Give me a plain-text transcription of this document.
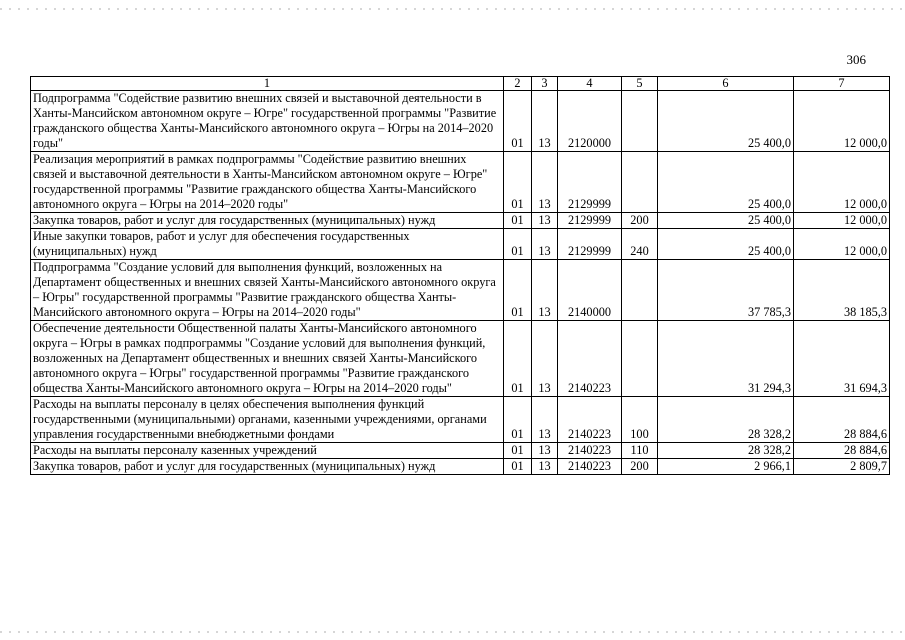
306
1	2	3	4	5	6	7
Подпрограмма "Содействие развитию внешних связей и выставочной деятельности в Ханты-Мансийском автономном округе – Югре" государственной программы "Развитие гражданского общества Ханты-Мансийского автономного округа – Югры на 2014–2020 годы"	01	13	2120000		25 400,0	12 000,0
Реализация мероприятий в рамках подпрограммы "Содействие развитию внешних связей и выставочной деятельности в Ханты-Мансийском автономном округе – Югре" государственной программы "Развитие гражданского общества Ханты-Мансийского автономного округа – Югры на 2014–2020 годы"	01	13	2129999		25 400,0	12 000,0
Закупка товаров, работ и услуг для государственных (муниципальных) нужд	01	13	2129999	200	25 400,0	12 000,0
Иные закупки товаров, работ и услуг для обеспечения государственных (муниципальных) нужд	01	13	2129999	240	25 400,0	12 000,0
Подпрограмма "Создание условий для выполнения функций, возложенных на Департамент общественных и внешних связей Ханты-Мансийского автономного округа – Югры" государственной программы "Развитие гражданского общества Ханты-Мансийского автономного округа – Югры на 2014–2020 годы"	01	13	2140000		37 785,3	38 185,3
Обеспечение деятельности Общественной палаты Ханты-Мансийского автономного округа – Югры в рамках подпрограммы "Создание условий для выполнения функций, возложенных на Департамент общественных и внешних связей Ханты-Мансийского автономного округа – Югры" государственной программы "Развитие гражданского общества Ханты-Мансийского автономного округа – Югры на 2014–2020 годы"	01	13	2140223		31 294,3	31 694,3
Расходы на выплаты персоналу в целях обеспечения выполнения функций государственными (муниципальными) органами, казенными учреждениями, органами управления государственными внебюджетными фондами	01	13	2140223	100	28 328,2	28 884,6
Расходы на выплаты персоналу казенных учреждений	01	13	2140223	110	28 328,2	28 884,6
Закупка товаров, работ и услуг для государственных (муниципальных) нужд	01	13	2140223	200	2 966,1	2 809,7
